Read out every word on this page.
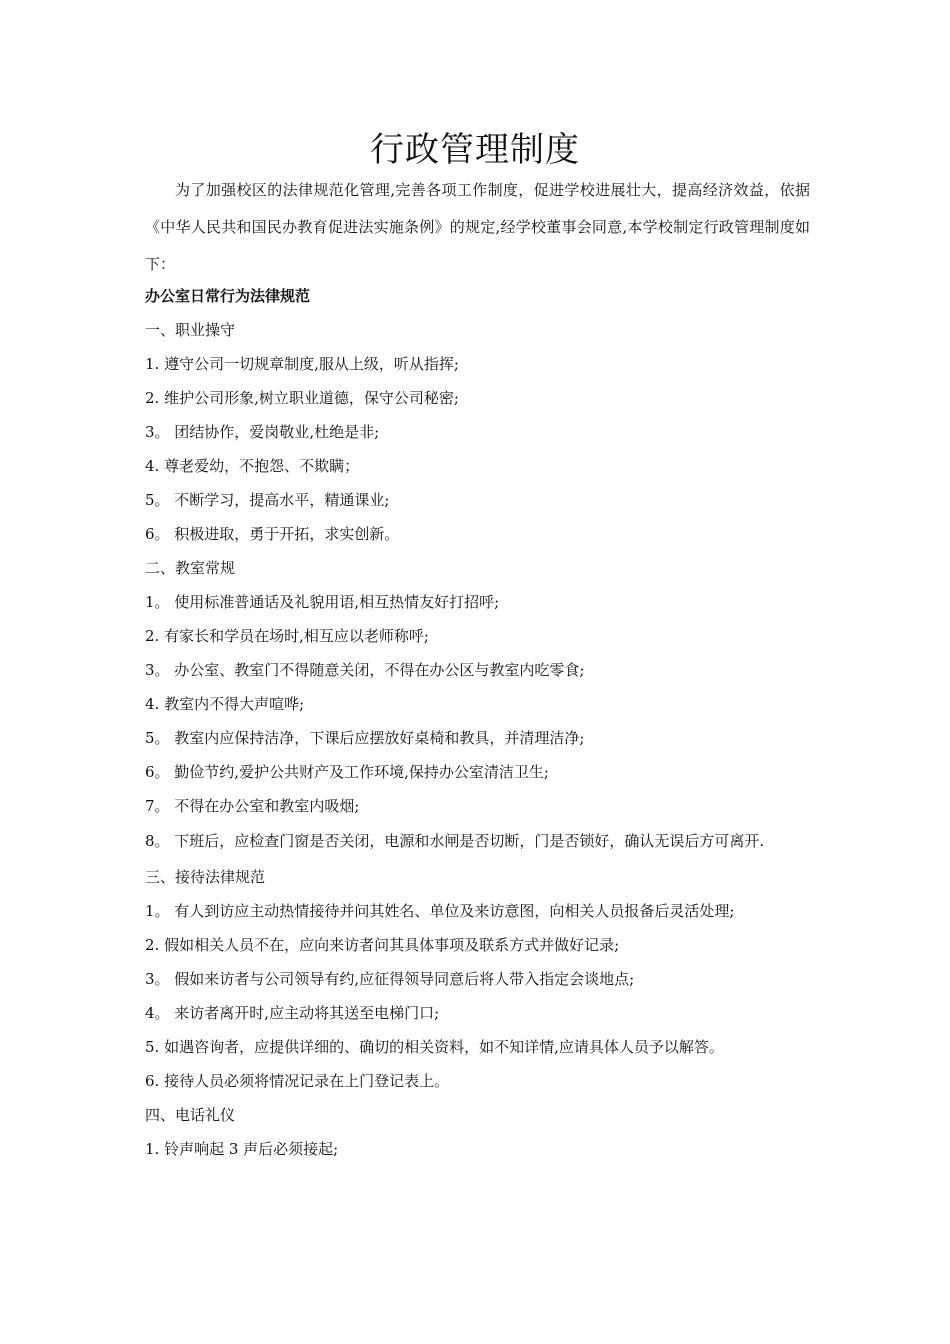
行政管理制度
为了加强校区的法律规范化管理,完善各项工作制度，促进学校进展壮大，提高经济效益，依据《中华人民共和国民办教育促进法实施条例》的规定,经学校董事会同意,本学校制定行政管理制度如下：
办公室日常行为法律规范
一、职业操守
1. 遵守公司一切规章制度,服从上级，听从指挥;
2. 维护公司形象,树立职业道德，保守公司秘密;
3。 团结协作，爱岗敬业,杜绝是非;
4. 尊老爱幼，不抱怨、不欺瞒；
5。 不断学习，提高水平，精通课业;
6。 积极进取，勇于开拓，求实创新。
二、教室常规
1。 使用标准普通话及礼貌用语,相互热情友好打招呼;
2. 有家长和学员在场时,相互应以老师称呼;
3。 办公室、教室门不得随意关闭，不得在办公区与教室内吃零食;
4. 教室内不得大声喧哗;
5。 教室内应保持洁净，下课后应摆放好桌椅和教具，并清理洁净;
6。 勤俭节约,爱护公共财产及工作环境,保持办公室清洁卫生;
7。 不得在办公室和教室内吸烟;

8。 下班后，应检查门窗是否关闭，电源和水闸是否切断，门是否锁好，确认无误后方可离开.

三、接待法律规范
1。 有人到访应主动热情接待并问其姓名、单位及来访意图，向相关人员报备后灵活处理;
2. 假如相关人员不在，应向来访者问其具体事项及联系方式并做好记录;
3。 假如来访者与公司领导有约,应征得领导同意后将人带入指定会谈地点;
4。 来访者离开时,应主动将其送至电梯门口;
5. 如遇咨询者，应提供详细的、确切的相关资料，如不知详情,应请具体人员予以解答。
6. 接待人员必须将情况记录在上门登记表上。
四、电话礼仪
1. 铃声响起 3 声后必须接起;
